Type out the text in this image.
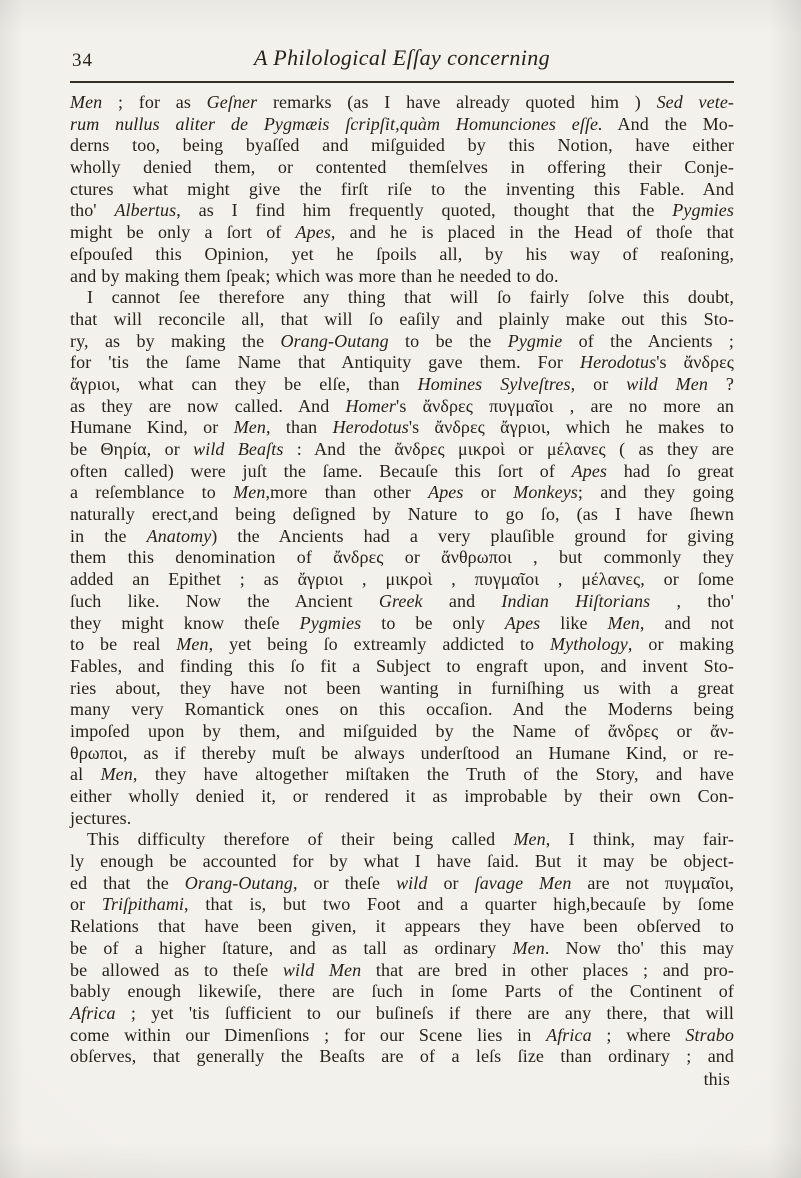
34	A Philological Eſſay concerning
Men ; for as Geſner remarks (as I have already quoted him ) Sed vete-
rum nullus aliter de Pygmæis ſcripſit,quàm Homunciones eſſe. And the Mo-
derns too, being byaſſed and miſguided by this Notion, have either
wholly denied them, or contented themſelves in offering their Conje-
ctures what might give the firſt riſe to the inventing this Fable. And
tho' Albertus, as I find him frequently quoted, thought that the Pygmies
might be only a ſort of Apes, and he is placed in the Head of thoſe that
eſpouſed this Opinion, yet he ſpoils all, by his way of reaſoning,
and by making them ſpeak; which was more than he needed to do.
I cannot ſee therefore any thing that will ſo fairly ſolve this doubt,
that will reconcile all, that will ſo eaſily and plainly make out this Sto-
ry, as by making the Orang-Outang to be the Pygmie of the Ancients ;
for 'tis the ſame Name that Antiquity gave them. For Herodotus's ἄνδρες
ἄγριοι, what can they be elſe, than Homines Sylveſtres, or wild Men ?
as they are now called. And Homer's ἄνδρες πυγμαῖοι , are no more an
Humane Kind, or Men, than Herodotus's ἄνδρες ἄγριοι, which he makes to
be Θηρία, or wild Beaſts : And the ἄνδρες μικροὶ or μέλανες ( as they are
often called) were juſt the ſame. Becauſe this ſort of Apes had ſo great
a reſemblance to Men,more than other Apes or Monkeys; and they going
naturally erect,and being deſigned by Nature to go ſo, (as I have ſhewn
in the Anatomy) the Ancients had a very plauſible ground for giving
them this denomination of ἄνδρες or ἄνθρωποι , but commonly they
added an Epithet ; as ἄγριοι , μικροὶ , πυγμαῖοι , μέλανες, or ſome
ſuch like. Now the Ancient Greek and Indian Hiſtorians , tho'
they might know theſe Pygmies to be only Apes like Men, and not
to be real Men, yet being ſo extreamly addicted to Mythology, or making
Fables, and finding this ſo fit a Subject to engraft upon, and invent Sto-
ries about, they have not been wanting in furniſhing us with a great
many very Romantick ones on this occaſion. And the Moderns being
impoſed upon by them, and miſguided by the Name of ἄνδρες or ἄν-
θρωποι, as if thereby muſt be always underſtood an Humane Kind, or re-
al Men, they have altogether miſtaken the Truth of the Story, and have
either wholly denied it, or rendered it as improbable by their own Con-
jectures.
This difficulty therefore of their being called Men, I think, may fair-
ly enough be accounted for by what I have ſaid. But it may be object-
ed that the Orang-Outang, or theſe wild or ſavage Men are not πυγμαῖοι,
or Triſpithami, that is, but two Foot and a quarter high,becauſe by ſome
Relations that have been given, it appears they have been obſerved to
be of a higher ſtature, and as tall as ordinary Men. Now tho' this may
be allowed as to theſe wild Men that are bred in other places ; and pro-
bably enough likewiſe, there are ſuch in ſome Parts of the Continent of
Africa ; yet 'tis ſufficient to our buſineſs if there are any there, that will
come within our Dimenſions ; for our Scene lies in Africa ; where Strabo
obſerves, that generally the Beaſts are of a leſs ſize than ordinary ; and
this
